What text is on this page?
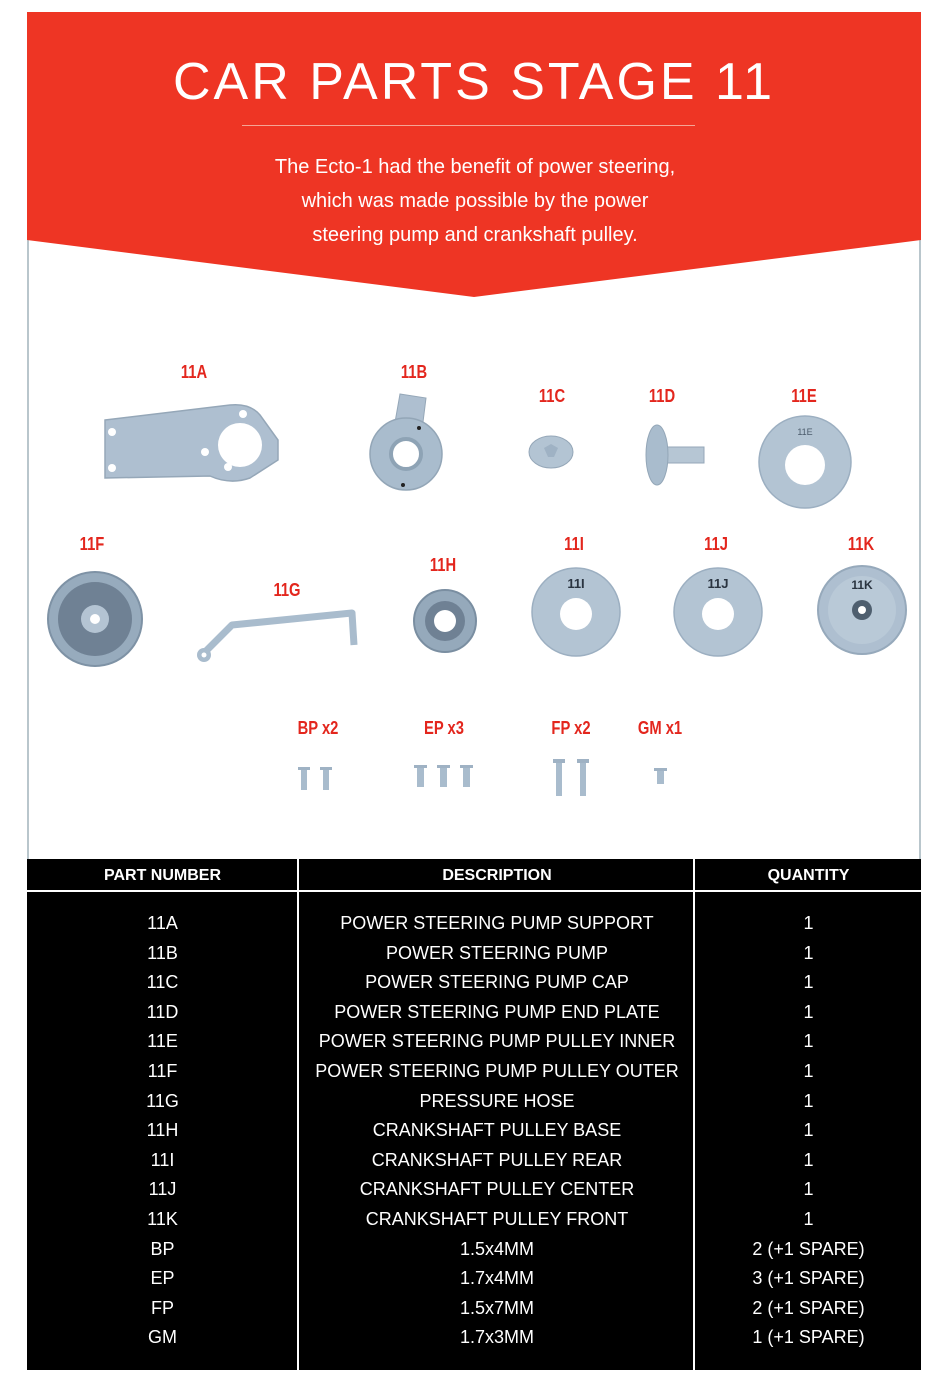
CAR PARTS STAGE 11
The Ecto-1 had the benefit of power steering,
which was made possible by the power
steering pump and crankshaft pulley.
11A	11B
11C	11D	11E
11F
11G
11H
11I	11J	11K
11E
11I	11J	11K
BP x2	EP x3	FP x2	GM x1
PART NUMBER	DESCRIPTION	QUANTITY
11A	POWER STEERING PUMP SUPPORT	1
11B	POWER STEERING PUMP	1
11C	POWER STEERING PUMP CAP	1
11D	POWER STEERING PUMP END PLATE	1
11E	POWER STEERING PUMP PULLEY INNER	1
11F	POWER STEERING PUMP PULLEY OUTER	1
11G	PRESSURE HOSE	1
11H	CRANKSHAFT PULLEY BASE	1
11I	CRANKSHAFT PULLEY REAR	1
11J	CRANKSHAFT PULLEY CENTER	1
11K	CRANKSHAFT PULLEY FRONT	1
BP	1.5x4MM	2 (+1 SPARE)
EP	1.7x4MM	3 (+1 SPARE)
FP	1.5x7MM	2 (+1 SPARE)
GM	1.7x3MM	1 (+1 SPARE)
